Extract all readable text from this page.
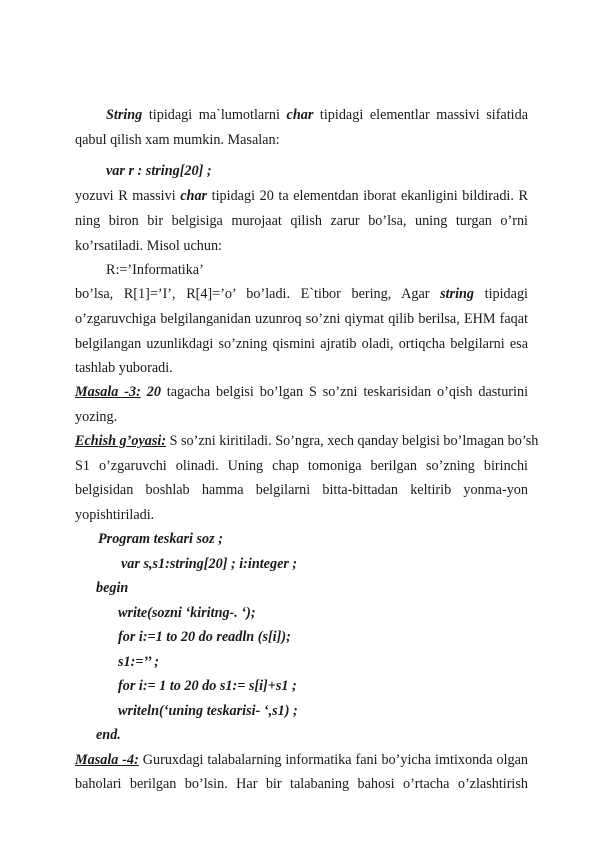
String tipidagi ma`lumotlarni char tipidagi elementlar massivi sifatida

qabul qilish xam mumkin. Masalan:

var r : string[20] ;

yozuvi R massivi char tipidagi 20 ta elementdan iborat ekanligini bildiradi. R

ning biron bir belgisiga murojaat qilish zarur bo’lsa, uning turgan o’rni

ko’rsatiladi. Misol uchun:

R:=’Informatika’

bo’lsa, R[1]=’I’, R[4]=’o’ bo’ladi. E`tibor bering, Agar string tipidagi

o’zgaruvchiga belgilanganidan uzunroq so’zni qiymat qilib berilsa, EHM faqat

belgilangan uzunlikdagi so’zning qismini ajratib oladi, ortiqcha belgilarni esa

tashlab yuboradi.

Masala -3: 20 tagacha belgisi bo’lgan S so’zni teskarisidan o’qish dasturini

yozing.

Echish g’oyasi: S so’zni kiritiladi. So’ngra, xech qanday belgisi bo’lmagan bo’sh

S1 o’zgaruvchi olinadi. Uning chap tomoniga berilgan so’zning birinchi

belgisidan boshlab hamma belgilarni bitta-bittadan keltirib yonma-yon

yopishtiriladi.

Program teskari soz ;

var s,s1:string[20] ; i:integer ;

begin

write(sozni ‘kiritng-. ‘);

for i:=1 to 20 do readln (s[i]);

s1:=’’ ;

for i:= 1 to 20 do s1:= s[i]+s1 ;

writeln(‘uning teskarisi- ‘,s1) ;

end.

Masala -4: Guruxdagi talabalarning informatika fani bo’yicha imtixonda olgan

baholari berilgan bo’lsin. Har bir talabaning bahosi o’rtacha o’zlashtirish
